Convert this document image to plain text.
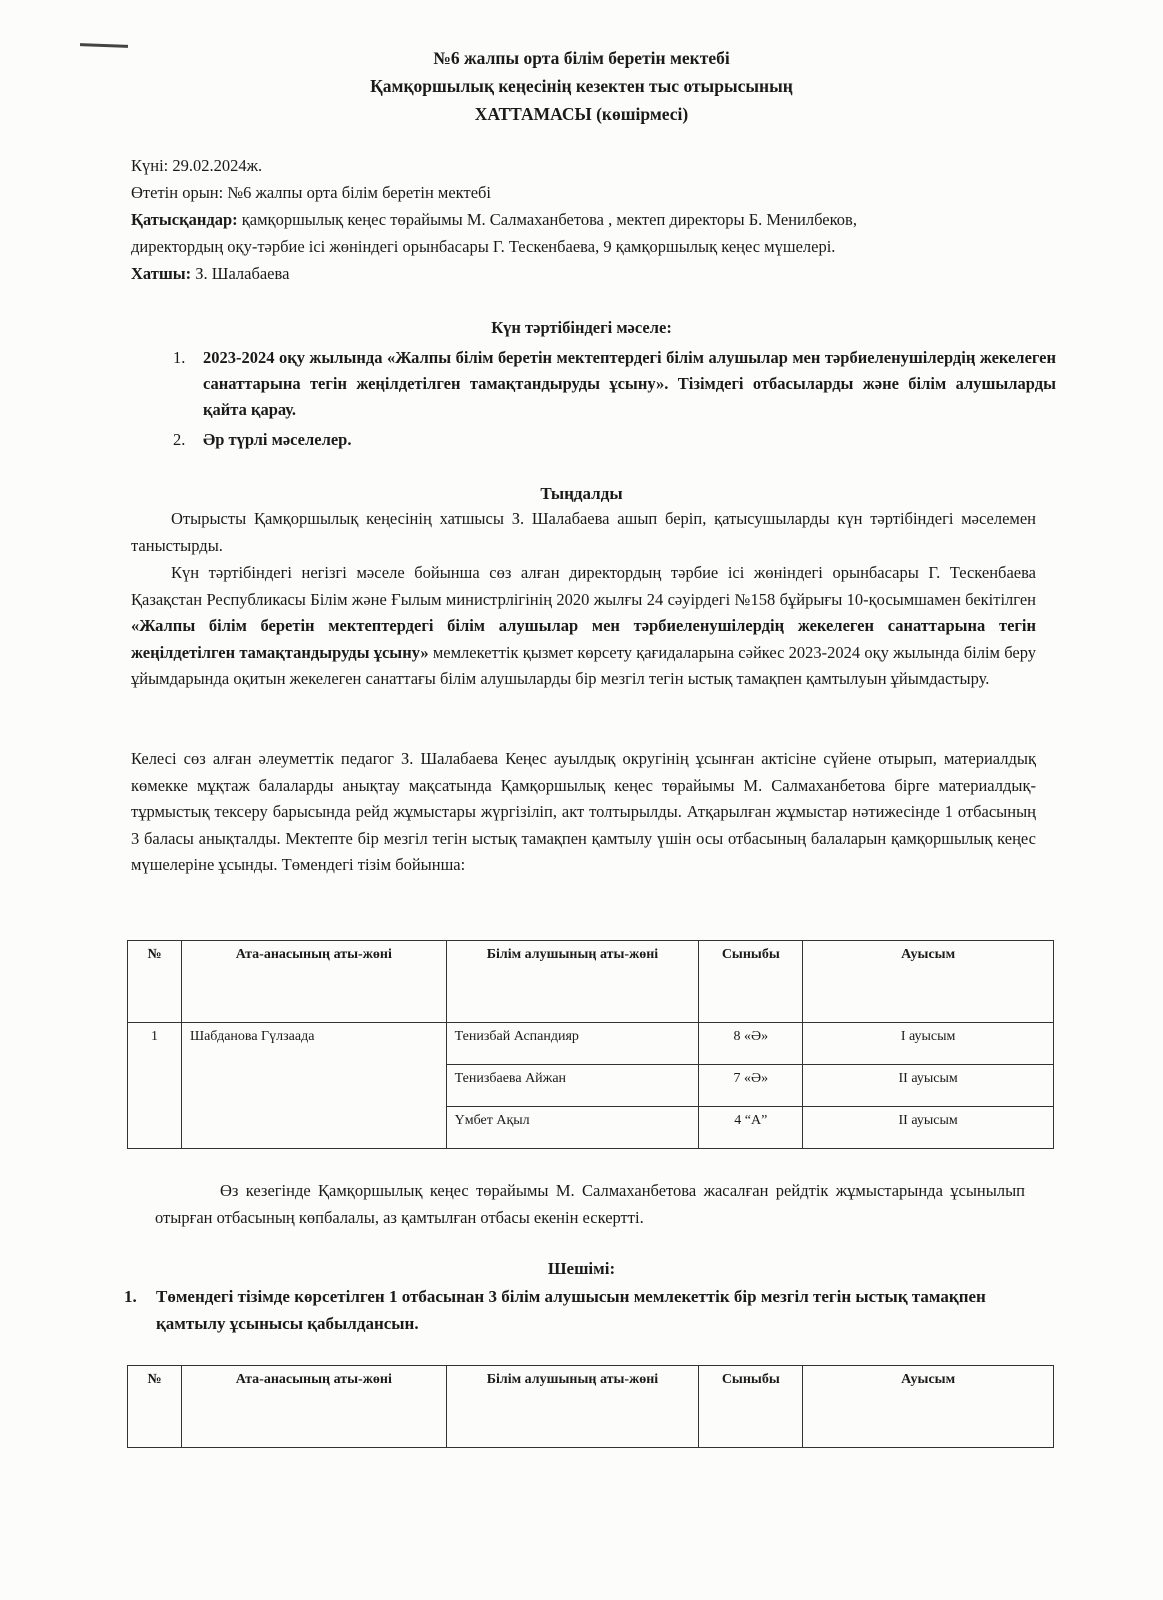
№6 жалпы орта білім беретін мектебі
Қамқоршылық кеңесінің кезектен тыс отырысының
ХАТТАМАСЫ (көшірмесі)
Күні: 29.02.2024ж.
Өтетін орын: №6 жалпы орта білім беретін мектебі
Қатысқандар: қамқоршылық кеңес төрайымы М. Салмаханбетова , мектеп директоры Б. Менилбеков,
директордың оқу-тәрбие ісі жөніндегі орынбасары Г. Тескенбаева, 9 қамқоршылық кеңес мүшелері.
Хатшы: З. Шалабаева
Күн тәртібіндегі мәселе:
1. 2023-2024 оқу жылында «Жалпы білім беретін мектептердегі білім алушылар мен тәрбиеленушілердің жекелеген санаттарына тегін жеңілдетілген тамақтандыруды ұсыну». Тізімдегі отбасыларды және білім алушыларды қайта қарау.
2. Әр түрлі мәселелер.
Тыңдалды
Отырысты Қамқоршылық кеңесінің хатшысы З. Шалабаева ашып беріп, қатысушыларды күн тәртібіндегі мәселемен таныстырды.
Күн тәртібіндегі негізгі мәселе бойынша сөз алған директордың тәрбие ісі жөніндегі орынбасары Г. Тескенбаева Қазақстан Республикасы Білім және Ғылым министрлігінің 2020 жылғы 24 сәуірдегі №158 бұйрығы 10-қосымшамен бекітілген «Жалпы білім беретін мектептердегі білім алушылар мен тәрбиеленушілердің жекелеген санаттарына тегін жеңілдетілген тамақтандыруды ұсыну» мемлекеттік қызмет көрсету қағидаларына сәйкес 2023-2024 оқу жылында білім беру ұйымдарында оқитын жекелеген санаттағы білім алушыларды бір мезгіл тегін ыстық тамақпен қамтылуын ұйымдастыру.
Келесі сөз алған әлеуметтік педагог З. Шалабаева Кеңес ауылдық округінің ұсынған актісіне сүйене отырып, материалдық көмекке мұқтаж балаларды анықтау мақсатында Қамқоршылық кеңес төрайымы М. Салмаханбетова бірге материалдық-тұрмыстық тексеру барысында рейд жұмыстары жүргізіліп, акт толтырылды. Атқарылған жұмыстар нәтижесінде 1 отбасының 3 баласы анықталды. Мектепте бір мезгіл тегін ыстық тамақпен қамтылу үшін осы отбасының балаларын қамқоршылық кеңес мүшелеріне ұсынды. Төмендегі тізім бойынша:
№	Ата-анасының аты-жөні	Білім алушының аты-жөні	Сыныбы	Ауысым
1	Шабданова Гүлзаада	Тенизбай Аспандияр	8 «Ә»	I ауысым
		Тенизбаева Айжан	7 «Ә»	II ауысым
		Үмбет Ақыл	4 “А”	II ауысым
Өз кезегінде Қамқоршылық кеңес төрайымы М. Салмаханбетова жасалған рейдтік жұмыстарында ұсынылып отырған отбасының көпбалалы, аз қамтылған отбасы екенін ескертті.
Шешімі:
1.	Төмендегі тізімде көрсетілген 1 отбасынан 3 білім алушысын мемлекеттік бір мезгіл тегін ыстық тамақпен қамтылу ұсынысы қабылдансын.
№	Ата-анасының аты-жөні	Білім алушының аты-жөні	Сыныбы	Ауысым
